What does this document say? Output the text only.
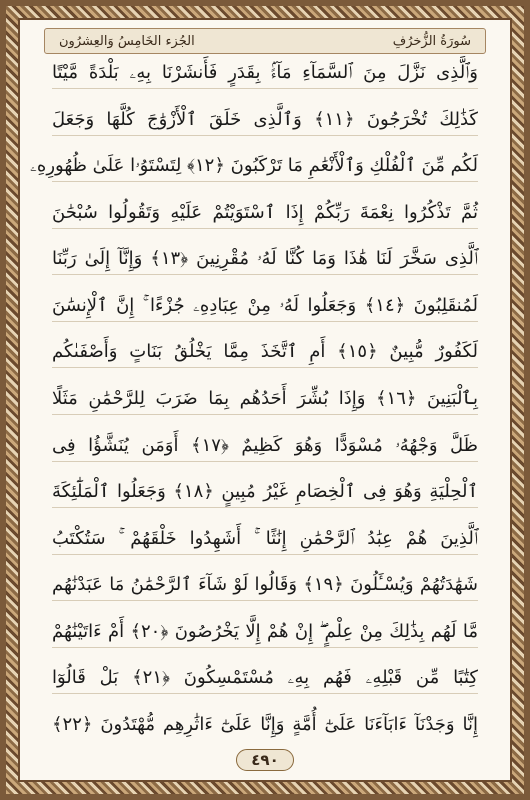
الجُزء الخَامِسُ وَالعِشرُون	سُورَةُ الزُّخرُفِ
وَٱلَّذِى نَزَّلَ مِنَ ٱلسَّمَآءِ مَآءًۢ بِقَدَرٍ فَأَنشَرْنَا بِهِۦ بَلْدَةً مَّيْتًا
كَذَٰلِكَ تُخْرَجُونَ ﴿١١﴾ وَٱلَّذِى خَلَقَ ٱلْأَزْوَٰجَ كُلَّهَا وَجَعَلَ
لَكُم مِّنَ ٱلْفُلْكِ وَٱلْأَنْعَٰمِ مَا تَرْكَبُونَ ﴿١٢﴾ لِتَسْتَوُۥا عَلَىٰ ظُهُورِهِۦ
ثُمَّ تَذْكُرُوا نِعْمَةَ رَبِّكُمْ إِذَا ٱسْتَوَيْتُمْ عَلَيْهِ وَتَقُولُوا سُبْحَٰنَ
ٱلَّذِى سَخَّرَ لَنَا هَٰذَا وَمَا كُنَّا لَهُۥ مُقْرِنِينَ ﴿١٣﴾ وَإِنَّآ إِلَىٰ رَبِّنَا
لَمُنقَلِبُونَ ﴿١٤﴾ وَجَعَلُوا لَهُۥ مِنْ عِبَادِهِۦ جُزْءًا ۚ إِنَّ ٱلْإِنسَٰنَ
لَكَفُورٌ مُّبِينٌ ﴿١٥﴾ أَمِ ٱتَّخَذَ مِمَّا يَخْلُقُ بَنَاتٍ وَأَصْفَىٰكُم
بِٱلْبَنِينَ ﴿١٦﴾ وَإِذَا بُشِّرَ أَحَدُهُم بِمَا ضَرَبَ لِلرَّحْمَٰنِ مَثَلًا
ظَلَّ وَجْهُهُۥ مُسْوَدًّا وَهُوَ كَظِيمٌ ﴿١٧﴾ أَوَمَن يُنَشَّؤُا فِى
ٱلْحِلْيَةِ وَهُوَ فِى ٱلْخِصَامِ غَيْرُ مُبِينٍ ﴿١٨﴾ وَجَعَلُوا ٱلْمَلَٰٓئِكَةَ
ٱلَّذِينَ هُمْ عِبَٰدُ ٱلرَّحْمَٰنِ إِنَٰثًا ۚ أَشَهِدُوا خَلْقَهُمْ ۚ سَتُكْتَبُ
شَهَٰدَتُهُمْ وَيُسْـَٔلُونَ ﴿١٩﴾ وَقَالُوا لَوْ شَآءَ ٱلرَّحْمَٰنُ مَا عَبَدْنَٰهُم
مَّا لَهُم بِذَٰلِكَ مِنْ عِلْمٍ ۖ إِنْ هُمْ إِلَّا يَخْرُصُونَ ﴿٢٠﴾ أَمْ ءَاتَيْنَٰهُمْ
كِتَٰبًا مِّن قَبْلِهِۦ فَهُم بِهِۦ مُسْتَمْسِكُونَ ﴿٢١﴾ بَلْ قَالُوٓا
إِنَّا وَجَدْنَآ ءَابَآءَنَا عَلَىٰٓ أُمَّةٍ وَإِنَّا عَلَىٰٓ ءَاثَٰرِهِم مُّهْتَدُونَ ﴿٢٢﴾
٤٩٠
